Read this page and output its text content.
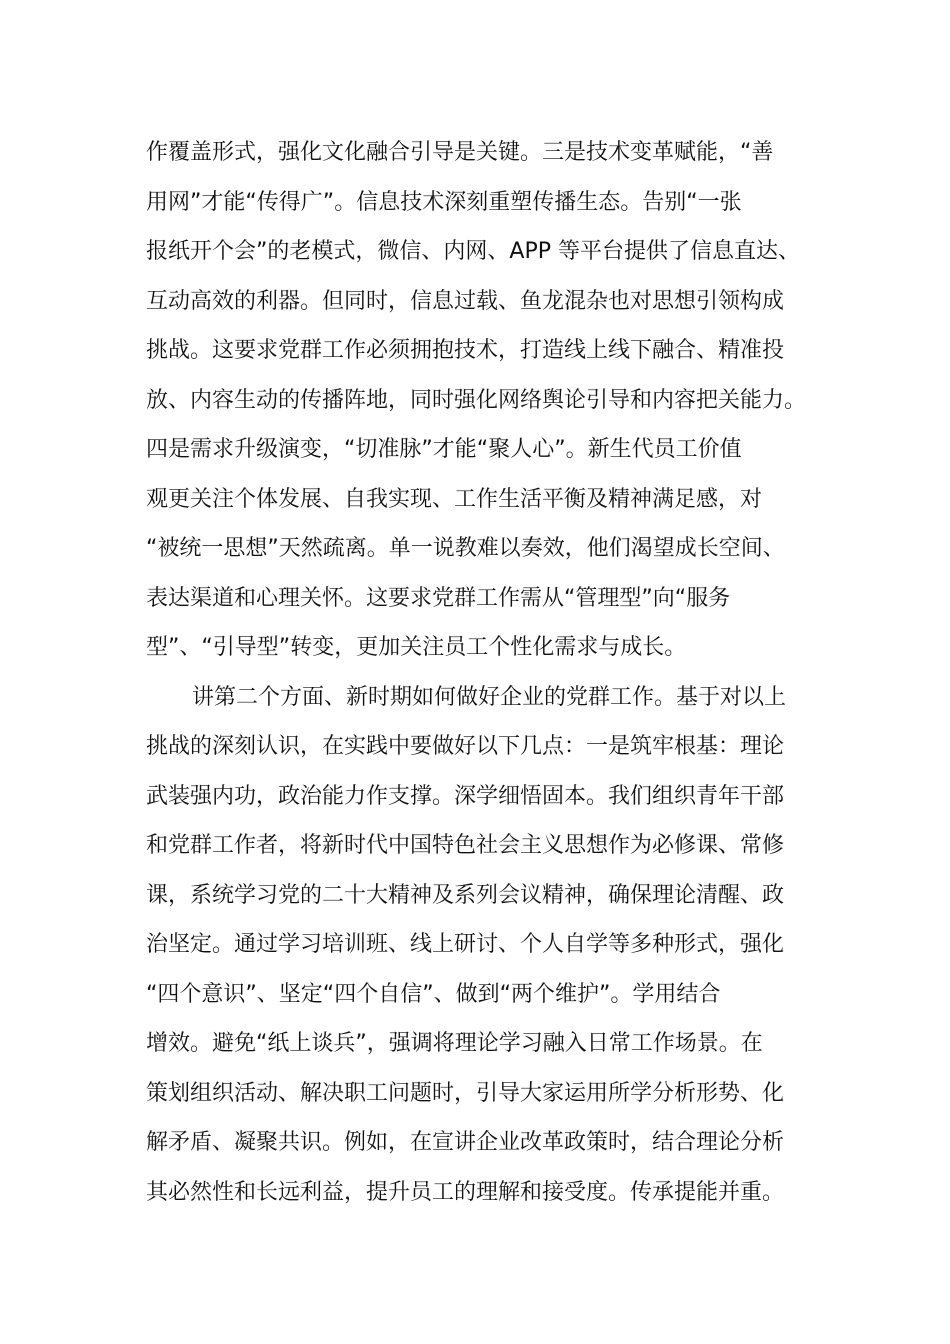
作覆盖形式，强化文化融合引导是关键。三是技术变革赋能，“善
用网”才能“传得广”。信息技术深刻重塑传播生态。告别“一张
报纸开个会”的老模式，微信、内网、APP 等平台提供了信息直达、
互动高效的利器。但同时，信息过载、鱼龙混杂也对思想引领构成
挑战。这要求党群工作必须拥抱技术，打造线上线下融合、精准投
放、内容生动的传播阵地，同时强化网络舆论引导和内容把关能力。
四是需求升级演变，“切准脉”才能“聚人心”。新生代员工价值
观更关注个体发展、自我实现、工作生活平衡及精神满足感，对
“被统一思想”天然疏离。单一说教难以奏效，他们渴望成长空间、
表达渠道和心理关怀。这要求党群工作需从“管理型”向“服务
型”、“引导型”转变，更加关注员工个性化需求与成长。
讲第二个方面、新时期如何做好企业的党群工作。基于对以上
挑战的深刻认识，在实践中要做好以下几点：一是筑牢根基：理论
武装强内功，政治能力作支撑。深学细悟固本。我们组织青年干部
和党群工作者，将新时代中国特色社会主义思想作为必修课、常修
课，系统学习党的二十大精神及系列会议精神，确保理论清醒、政
治坚定。通过学习培训班、线上研讨、个人自学等多种形式，强化
“四个意识”、坚定“四个自信”、做到“两个维护”。学用结合
增效。避免“纸上谈兵”，强调将理论学习融入日常工作场景。在
策划组织活动、解决职工问题时，引导大家运用所学分析形势、化
解矛盾、凝聚共识。例如，在宣讲企业改革政策时，结合理论分析
其必然性和长远利益，提升员工的理解和接受度。传承提能并重。
